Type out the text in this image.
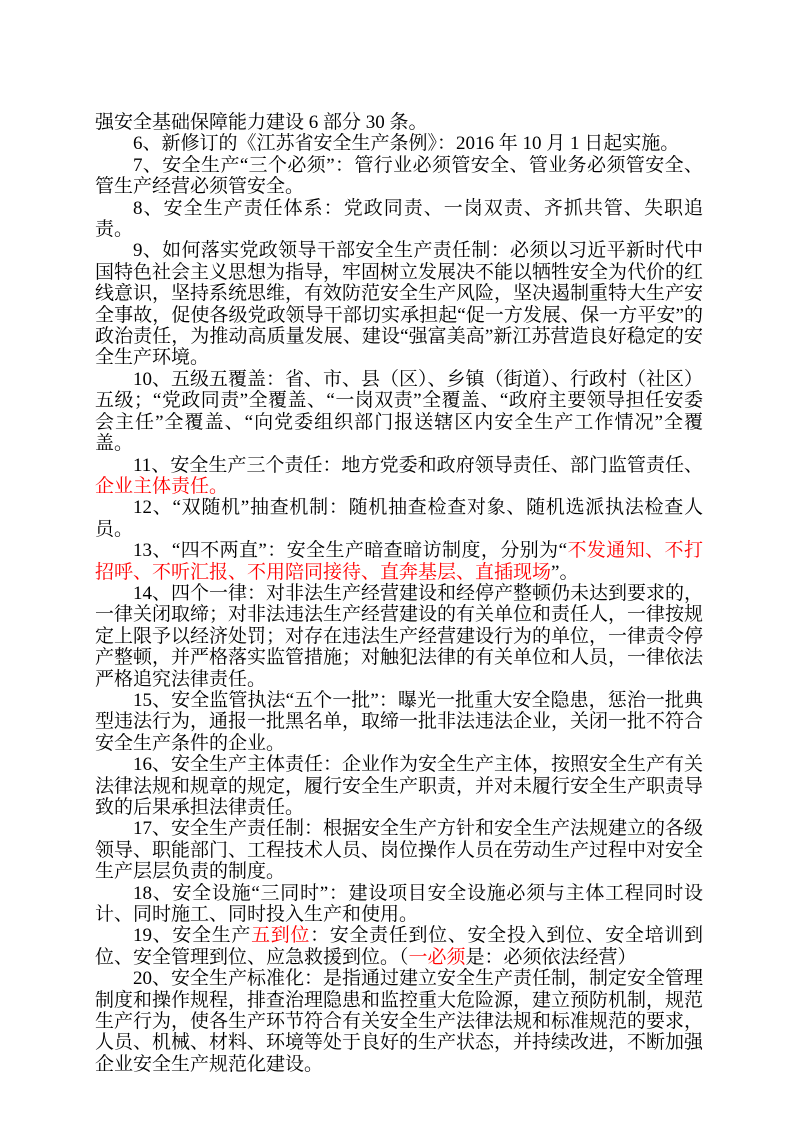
强安全基础保障能力建设 6 部分 30 条。

6、新修订的《江苏省安全生产条例》：2016 年 10 月 1 日起实施。

7、安全生产“三个必须”：管行业必须管安全、管业务必须管安全、管生产经营必须管安全。

8、安全生产责任体系：党政同责、一岗双责、齐抓共管、失职追责。

9、如何落实党政领导干部安全生产责任制：必须以习近平新时代中国特色社会主义思想为指导，牢固树立发展决不能以牺牲安全为代价的红线意识，坚持系统思维，有效防范安全生产风险，坚决遏制重特大生产安全事故，促使各级党政领导干部切实承担起“促一方发展、保一方平安”的政治责任，为推动高质量发展、建设“强富美高”新江苏营造良好稳定的安全生产环境。

10、五级五覆盖：省、市、县（区）、乡镇（街道）、行政村（社区）五级；“党政同责”全覆盖、“一岗双责”全覆盖、“政府主要领导担任安委会主任”全覆盖、“向党委组织部门报送辖区内安全生产工作情况”全覆盖。

11、安全生产三个责任：地方党委和政府领导责任、部门监管责任、企业主体责任。

12、“双随机”抽查机制：随机抽查检查对象、随机选派执法检查人员。

13、“四不两直”：安全生产暗查暗访制度，分别为“不发通知、不打招呼、不听汇报、不用陪同接待、直奔基层、直插现场”。

14、四个一律：对非法生产经营建设和经停产整顿仍未达到要求的，一律关闭取缔；对非法违法生产经营建设的有关单位和责任人，一律按规定上限予以经济处罚；对存在违法生产经营建设行为的单位，一律责令停产整顿，并严格落实监管措施；对触犯法律的有关单位和人员，一律依法严格追究法律责任。

15、安全监管执法“五个一批”：曝光一批重大安全隐患，惩治一批典型违法行为，通报一批黑名单，取缔一批非法违法企业，关闭一批不符合安全生产条件的企业。

16、安全生产主体责任：企业作为安全生产主体，按照安全生产有关法律法规和规章的规定，履行安全生产职责，并对未履行安全生产职责导致的后果承担法律责任。

17、安全生产责任制：根据安全生产方针和安全生产法规建立的各级领导、职能部门、工程技术人员、岗位操作人员在劳动生产过程中对安全生产层层负责的制度。

18、安全设施“三同时”：建设项目安全设施必须与主体工程同时设计、同时施工、同时投入生产和使用。

19、安全生产五到位：安全责任到位、安全投入到位、安全培训到位、安全管理到位、应急救援到位。（一必须是：必须依法经营）

20、安全生产标准化：是指通过建立安全生产责任制，制定安全管理制度和操作规程，排查治理隐患和监控重大危险源，建立预防机制，规范生产行为，使各生产环节符合有关安全生产法律法规和标准规范的要求，人员、机械、材料、环境等处于良好的生产状态，并持续改进，不断加强企业安全生产规范化建设。
